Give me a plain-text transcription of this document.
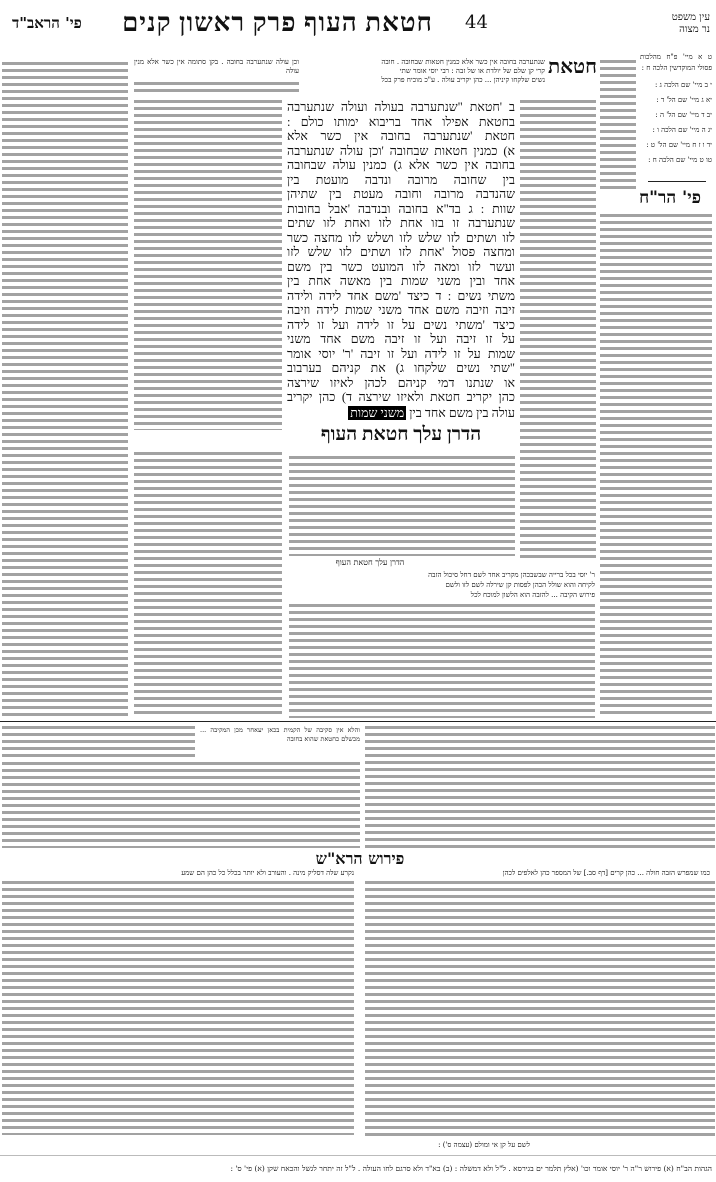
פי' הראב"ד	חטאת העוף פרק ראשון קנים	44	עין משפט
נר מצוה
ט א מיי' פ"ח מהלכות פסולי המוקדשין הלכה ח :
י ב מיי' שם הלכה ג :
יא ג מיי' שם הל' ד :
יב ד מיי' שם הל' ה :
יג ה מיי' שם הלכה ו :
יד ו ז ח מיי' שם הל' ט :
טו ט מיי' שם הלכה ח :
פי' הר"ח
חטאת
שנתערבה בחובה אין כשר אלא כמנין חטאות שבחובה . חובה
קרי קן שלם של יולדת או של זבה : רבי יוסי אומר שתי
נשים שלקחו קיניהן ... כהן יקריב עולה . ע"כ מוכיח פרק בכל
וכן עולה שנתערבה בחובה . בקן סתומה אין כשר אלא מנין עולה
ב 'חטאת "שנתערבה בעולה ועולה שנתערבה
בחטאת אפילו אחד בריבוא ימותו כולם :
חטאת 'שנתערבה בחובה אין כשר אלא
א) כמנין חטאות שבחובה 'וכן עולה שנתערבה
בחובה אין כשר אלא ג) כמנין עולה שבחובה
בין שחובה מרובה ונדבה מועטת בין
שהנדבה מרובה וחובה מעטת בין שתיהן
שוות : ג בד"א בחובה ובנדבה 'אבל בחובות
שנתערבה זו בזו אחת לזו ואחת לזו שתים
לזו ושתים לזו שלש לזו ושלש לזו מחצה כשר
ומחצה פסול 'אחת לזו ושתים לזו שלש לזו
ועשר לזו ומאה לזו המועט כשר בין משם
אחד ובין משני שמות בין מאשה אחת בין
משתי נשים : ד כיצד 'משם אחד לידה ולידה
זיבה וזיבה משם אחד משני שמות לידה וזיבה
כיצד 'משתי נשים על זו לידה ועל זו לידה
על זו זיבה ועל זו זיבה משם אחד משני
שמות על זו לידה ועל זו זיבה 'ר' יוסי אומר
"שתי נשים שלקחו ג) את קניהם בערבוב
או שנתנו דמי קניהם לכהן לאיזו שירצה
כהן יקריב חטאת ולאיזו שירצה ד) כהן יקריב
עולה בין משם אחד בין משני שמות
הדרן עלך חטאת העוף
הדרן עלך חטאת העוף
ר' יוסי בכל ברייה שבשבכהן מקריב אחד לשם דחל סיכול הזבה
לקיחה והוא שולל הכהן לפסות קן שירלה לשם לזו ולשם
פירוש הקיבה ... להזבה הוא הלשון למוכח לכל
והלא אין סקיבה של הקמית בכאן יעאחר מכן המקיבה ... מכשלם כחטאת שהוא בחובה
פירוש הרא"ש
כמו שמפרש הזבה חולה ... כהן קרים [דף סב.] של המספר כהן לאלפים לכהן
נקרע שלה דסליק מינה . והעורב ולא יותר בכלל כל כהן הם שמע
לשם על קן אי ומולם (עצמה ס') :
הגהות הב"ח (א) פירוש ר"ה ר' יוסי אומר וכו' (אלץ תלמר ים בגירסא . ל"ל ולא דמשלה : (ב) בא"ד ולא סרגם לחו העולה . ל"ל זה יתחר לגשל והכאח שקן (א) פי' ס' :
